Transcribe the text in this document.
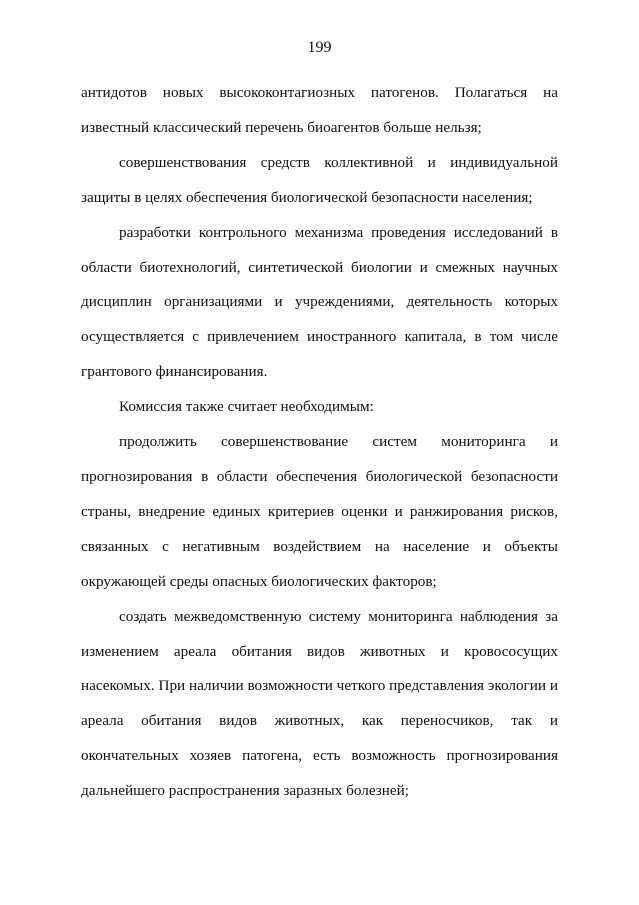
199

антидотов новых высококонтагиозных патогенов. Полагаться на известный классический перечень биоагентов больше нельзя;

совершенствования средств коллективной и индивидуальной защиты в целях обеспечения биологической безопасности населения;

разработки контрольного механизма проведения исследований в области биотехнологий, синтетической биологии и смежных научных дисциплин организациями и учреждениями, деятельность которых осуществляется с привлечением иностранного капитала, в том числе грантового финансирования.

Комиссия также считает необходимым:

продолжить совершенствование систем мониторинга и прогнозирования в области обеспечения биологической безопасности страны, внедрение единых критериев оценки и ранжирования рисков, связанных с негативным воздействием на население и объекты окружающей среды опасных биологических факторов;

создать межведомственную систему мониторинга наблюдения за изменением ареала обитания видов животных и кровососущих насекомых. При наличии возможности четкого представления экологии и ареала обитания видов животных, как переносчиков, так и окончательных хозяев патогена, есть возможность прогнозирования дальнейшего распространения заразных болезней;
